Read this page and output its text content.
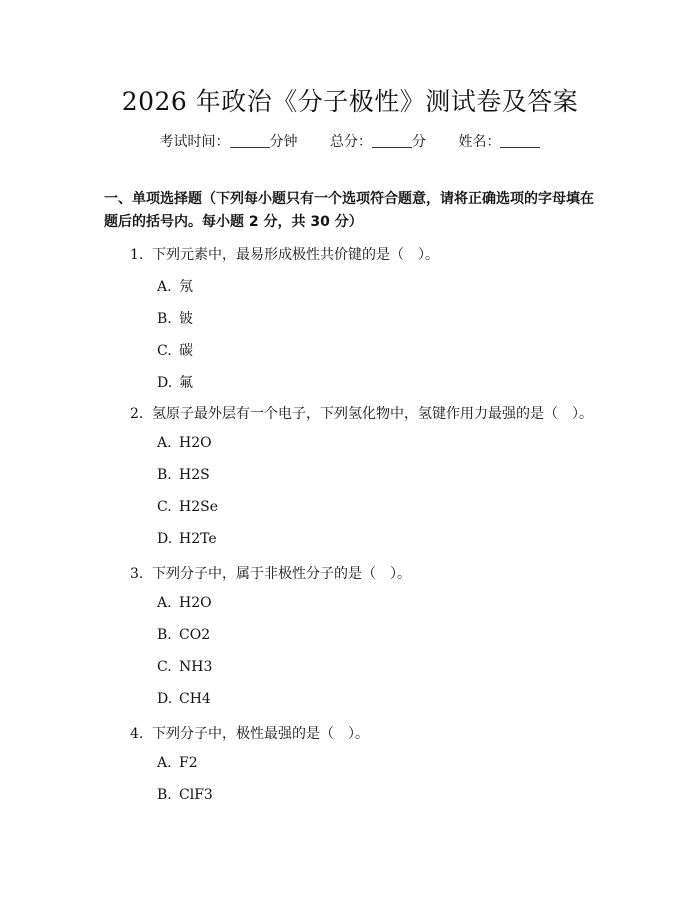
2026 年政治《分子极性》测试卷及答案
考试时间：	分钟 总分：	分 姓名：
一、单项选择题（下列每小题只有一个选项符合题意，请将正确选项的字母填在题后的括号内。每小题 2 分，共 30 分）
1. 下列元素中，最易形成极性共价键的是（　）。
A. 氖
B. 铍
C. 碳
D. 氟
2. 氢原子最外层有一个电子，下列氢化物中，氢键作用力最强的是（　）。
A. H2O
B. H2S
C. H2Se
D. H2Te
3. 下列分子中，属于非极性分子的是（　）。
A. H2O
B. CO2
C. NH3
D. CH4
4. 下列分子中，极性最强的是（　）。
A. F2
B. ClF3
